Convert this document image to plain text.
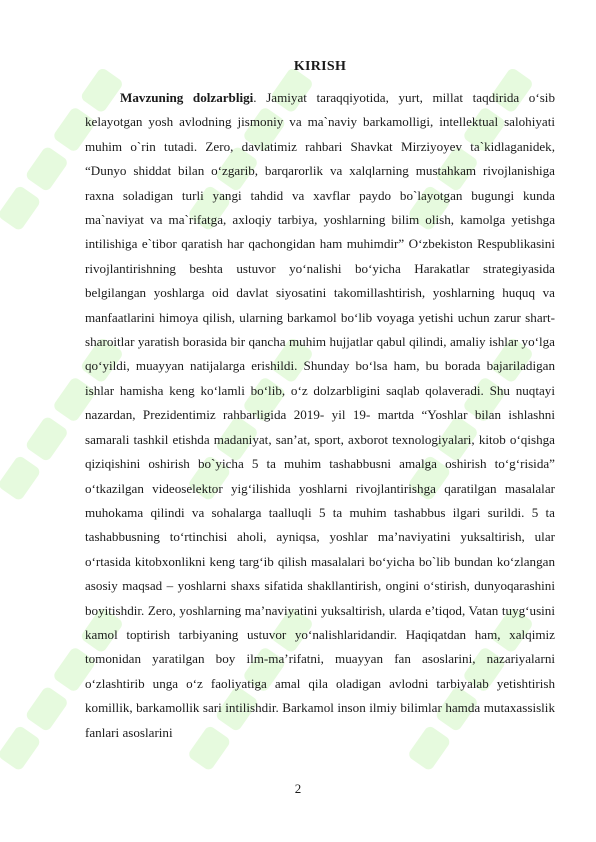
KIRISH

Mavzuning dolzarbligi. Jamiyat taraqqiyotida, yurt, millat taqdirida o‘sib kelayotgan yosh avlodning jismoniy va ma`naviy barkamolligi, intellektual salohiyati muhim o`rin tutadi. Zero, davlatimiz rahbari Shavkat Mirziyoyev ta`kidlaganidek, “Dunyo shiddat bilan o‘zgarib, barqarorlik va xalqlarning mustahkam rivojlanishiga raxna soladigan turli yangi tahdid va xavflar paydo bo`layotgan bugungi kunda ma`naviyat va ma`rifatga, axloqiy tarbiya, yoshlarning bilim olish, kamolga yetishga intilishiga e`tibor qaratish har qachongidan ham muhimdir” O‘zbekiston Respublikasini rivojlantirishning beshta ustuvor yo‘nalishi bo‘yicha Harakatlar strategiyasida belgilangan yoshlarga oid davlat siyosatini takomillashtirish, yoshlarning huquq va manfaatlarini himoya qilish, ularning barkamol bo‘lib voyaga yetishi uchun zarur shart- sharoitlar yaratish borasida bir qancha muhim hujjatlar qabul qilindi, amaliy ishlar yo‘lga qo‘yildi, muayyan natijalarga erishildi. Shunday bo‘lsa ham, bu borada bajariladigan ishlar hamisha keng ko‘lamli bo‘lib, o‘z dolzarbligini saqlab qolaveradi. Shu nuqtayi nazardan, Prezidentimiz rahbarligida 2019- yil 19- martda “Yoshlar bilan ishlashni samarali tashkil etishda madaniyat, san’at, sport, axborot texnologiyalari, kitob o‘qishga qiziqishini oshirish bo`yicha 5 ta muhim tashabbusni amalga oshirish to‘g‘risida” o‘tkazilgan videoselektor yig‘ilishida yoshlarni rivojlantirishga qaratilgan masalalar muhokama qilindi va sohalarga taalluqli 5 ta muhim tashabbus ilgari surildi. 5 ta tashabbusning to‘rtinchisi aholi, ayniqsa, yoshlar ma’naviyatini yuksaltirish, ular o‘rtasida kitobxonlikni keng targ‘ib qilish masalalari bo‘yicha bo`lib bundan ko‘zlangan asosiy maqsad – yoshlarni shaxs sifatida shakllantirish, ongini o‘stirish, dunyoqarashini boyitishdir. Zero, yoshlarning ma’naviyatini yuksaltirish, ularda e’tiqod, Vatan tuyg‘usini kamol toptirish tarbiyaning ustuvor yo‘nalishlaridandir. Haqiqatdan ham, xalqimiz tomonidan yaratilgan boy ilm-ma’rifatni, muayyan fan asoslarini, nazariyalarni o‘zlashtirib unga o‘z faoliyatiga amal qila oladigan avlodni tarbiyalab yetishtirish komillik, barkamollik sari intilishdir. Barkamol inson ilmiy bilimlar hamda mutaxassislik fanlari asoslarini

2
